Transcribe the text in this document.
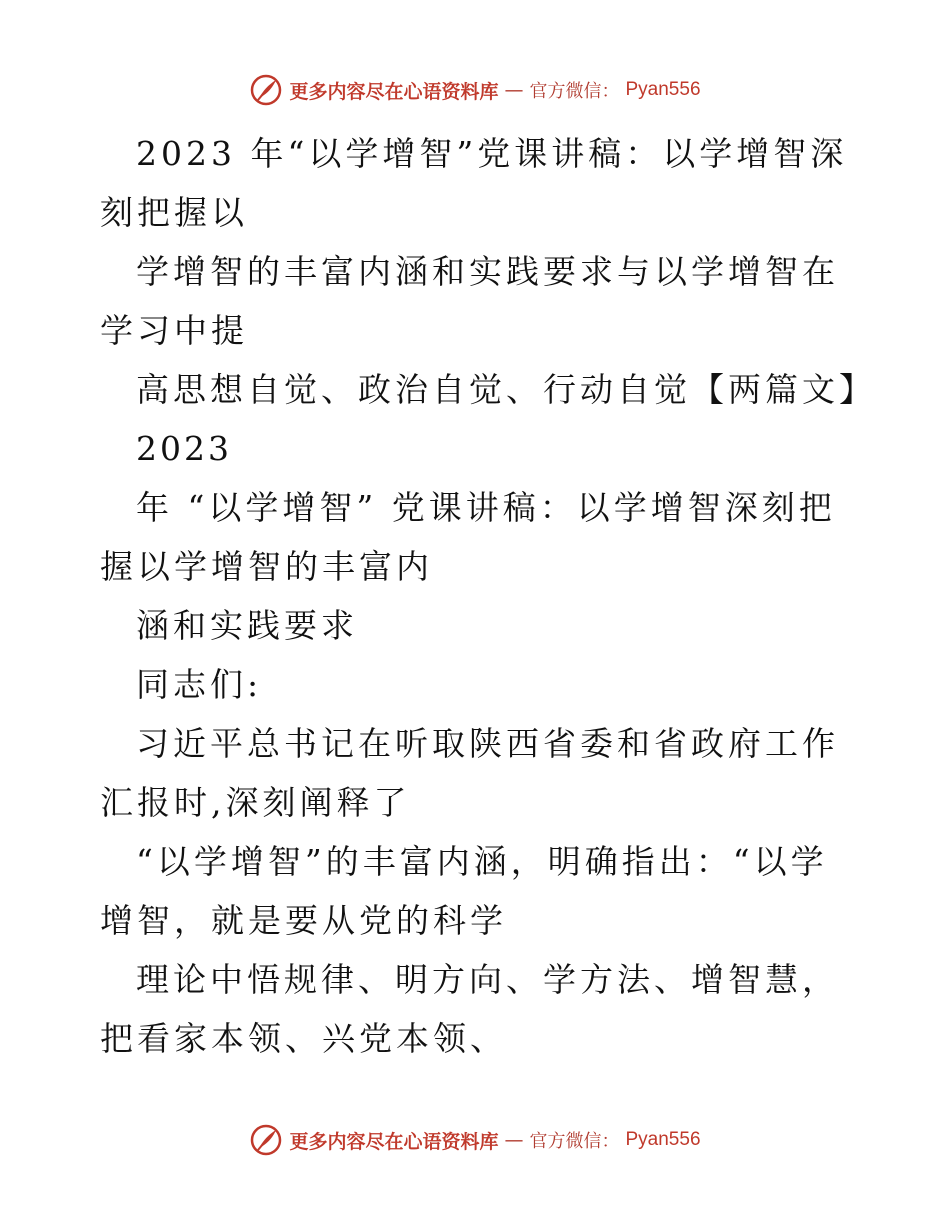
更多内容尽在心语资料库 — 官方微信： Pyan556

2023 年“以学增智”党课讲稿：以学增智深刻把握以

学增智的丰富内涵和实践要求与以学增智在学习中提

高思想自觉、政治自觉、行动自觉【两篇文】

2023

年 “以学增智” 党课讲稿：以学增智深刻把握以学增智的丰富内

涵和实践要求

同志们:

习近平总书记在听取陕西省委和省政府工作汇报时,深刻阐释了

“以学增智”的丰富内涵，明确指出：“以学增智，就是要从党的科学

理论中悟规律、明方向、学方法、增智慧，把看家本领、兴党本领、

更多内容尽在心语资料库 — 官方微信： Pyan556
